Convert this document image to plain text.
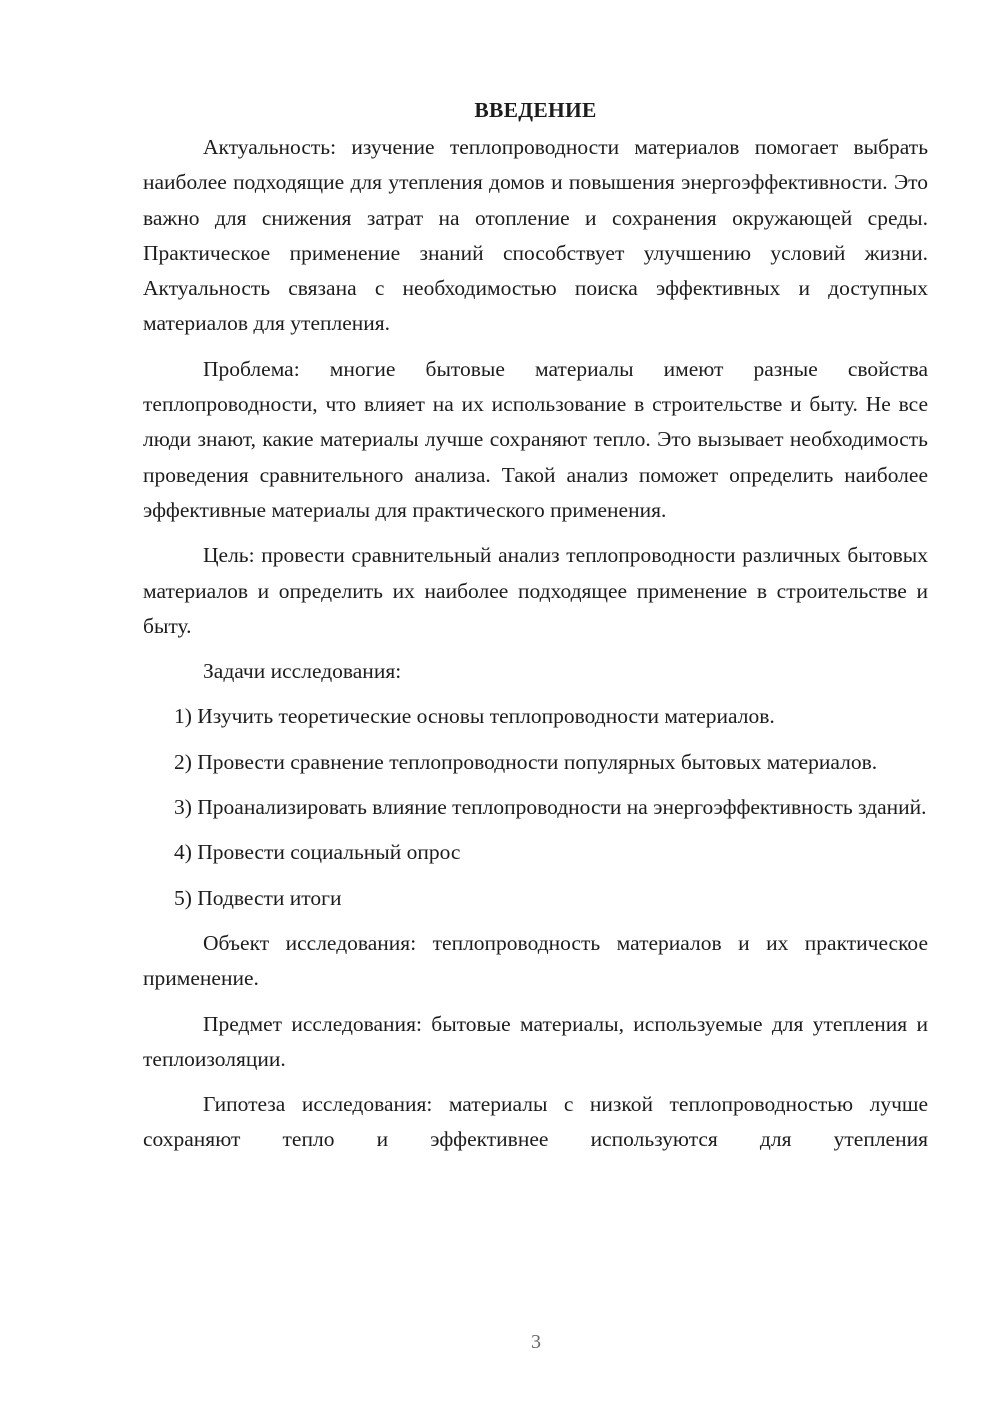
ВВЕДЕНИЕ

Актуальность: изучение теплопроводности материалов помогает выбрать наиболее подходящие для утепления домов и повышения энергоэффективности. Это важно для снижения затрат на отопление и сохранения окружающей среды. Практическое применение знаний способствует улучшению условий жизни. Актуальность связана с необходимостью поиска эффективных и доступных материалов для утепления.

Проблема: многие бытовые материалы имеют разные свойства теплопроводности, что влияет на их использование в строительстве и быту. Не все люди знают, какие материалы лучше сохраняют тепло. Это вызывает необходимость проведения сравнительного анализа. Такой анализ поможет определить наиболее эффективные материалы для практического применения.

Цель: провести сравнительный анализ теплопроводности различных бытовых материалов и определить их наиболее подходящее применение в строительстве и быту.

Задачи исследования:

1) Изучить теоретические основы теплопроводности материалов.

2) Провести сравнение теплопроводности популярных бытовых материалов.

3) Проанализировать влияние теплопроводности на энергоэффективность зданий.

4) Провести социальный опрос

5) Подвести итоги

Объект исследования: теплопроводность материалов и их практическое применение.

Предмет исследования: бытовые материалы, используемые для утепления и теплоизоляции.

Гипотеза исследования: материалы с низкой теплопроводностью лучше сохраняют тепло и эффективнее используются для утепления

3
